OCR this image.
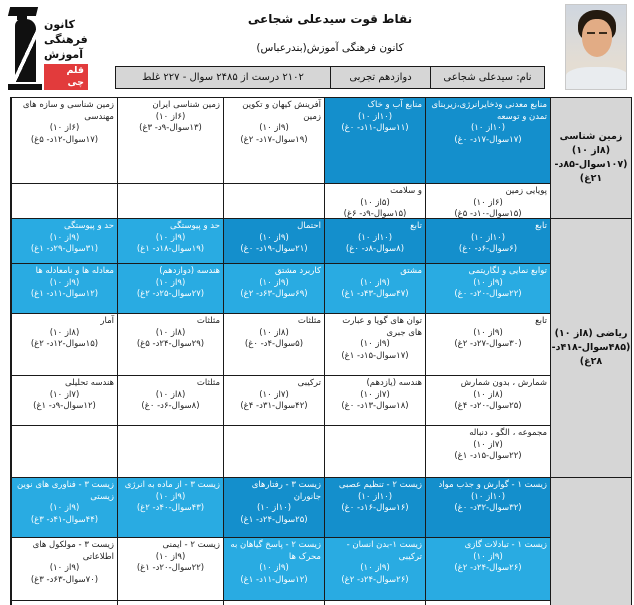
کانون
فرهنگی
آموزش
قلم چی
نقاط قوت سیدعلی شجاعی
کانون فرهنگی آموزش(بندرعباس)
نام: سیدعلی شجاعی
دوازدهم تجربی
۲۱۰۲ درست از ۲۴۸۵ سوال - ۲۲۷ غلط
زمین شناسی (۸از ۱۰)
(۱۰۷سوال-۸۵د- ۲۱غ)
ریاضی (۸از ۱۰)
(۴۸۵سوال-۴۱۸د- ۲۸غ)
منابع معدنی وذخایرانرژی،زیربنای تمدن و توسعه
(۱۰از ۱۰)
(۱۷سوال-۱۷د- ۰غ)
منابع آب و خاک
(۱۰از ۱۰)
(۱۱سوال-۱۱د- ۰غ)
آفرینش کیهان و تکوین زمین
(۹از ۱۰)
(۱۹سوال-۱۷د- ۲غ)
زمین شناسی ایران
(۶از ۱۰)
(۱۳سوال-۹د- ۳غ)
زمین شناسی و سازه های مهندسی
(۶از ۱۰)
(۱۷سوال-۱۲د- ۵غ)
پویایی زمین
(۶از ۱۰)
(۱۵سوال-۱۰د- ۵غ)
و سلامت
(۵از ۱۰)
(۱۵سوال-۹د- ۶غ)
تابع
(۱۰از ۱۰)
(۶سوال-۶د- ۰غ)
تابع
(۱۰از ۱۰)
(۸سوال-۸د- ۰غ)
احتمال
(۹از ۱۰)
(۲۱سوال-۱۹د- ۰غ)
حد و پیوستگی
(۹از ۱۰)
(۱۹سوال-۱۸د- ۱غ)
حد و پیوستگی
(۹از ۱۰)
(۳۱سوال-۲۹د- ۱غ)
توابع نمایی و لگاریتمی
(۹از ۱۰)
(۲۲سوال-۲۰د- ۰غ)
مشتق
(۹از ۱۰)
(۴۷سوال-۴۳د- ۱غ)
کاربرد مشتق
(۹از ۱۰)
(۶۹سوال-۶۳د- ۲غ)
هندسه (دوازدهم)
(۹از ۱۰)
(۲۷سوال-۲۵د- ۲غ)
معادله ها و نامعادله ها
(۹از ۱۰)
(۱۲سوال-۱۱د- ۱غ)
تابع
(۹از ۱۰)
(۳۰سوال-۲۷د- ۲غ)
توان های گویا و عبارت های جبری
(۹از ۱۰)
(۱۷سوال-۱۵د- ۱غ)
مثلثات
(۸از ۱۰)
(۵سوال-۴د- ۰غ)
مثلثات
(۸از ۱۰)
(۲۹سوال-۲۴د- ۵غ)
آمار
(۸از ۱۰)
(۱۵سوال-۱۲د- ۲غ)
شمارش ، بدون شمارش
(۸از ۱۰)
(۲۵سوال-۲۰د- ۴غ)
هندسه (یازدهم)
(۷از ۱۰)
(۱۸سوال-۱۳د- ۰غ)
ترکیبی
(۷از ۱۰)
(۴۲سوال-۳۱د- ۴غ)
مثلثات
(۸از ۱۰)
(۸سوال-۶د- ۰غ)
هندسه تحلیلی
(۷از ۱۰)
(۱۲سوال-۹د- ۱غ)
مجموعه ، الگو ، دنباله
(۷از ۱۰)
(۲۲سوال-۱۵د- ۱غ)
زیست ۱ - گوارش و جذب مواد
(۱۰از ۱۰)
(۳۲سوال-۳۲د- ۰غ)
زیست ۲ - تنظیم عصبی
(۱۰از ۱۰)
(۱۶سوال-۱۶د- ۰غ)
زیست ۳ - رفتارهای جانوران
(۱۰از ۱۰)
(۲۵سوال-۲۴د- ۱غ)
زیست ۳ - از ماده به انرژی
(۹از ۱۰)
(۴۳سوال-۴۰د- ۲غ)
زیست ۳ - فناوری های نوین زیستی
(۹از ۱۰)
(۴۴سوال-۴۱د- ۳غ)
زیست ۱ - تبادلات گازی
(۹از ۱۰)
(۲۶سوال-۲۴د- ۲غ)
زیست ۱-بدن انسان - ترکیبی
(۹از ۱۰)
(۲۶سوال-۲۴د- ۲غ)
زیست ۲ - پاسخ گیاهان به محرک ها
(۹از ۱۰)
(۱۲سوال-۱۱د- ۱غ)
زیست ۲ - ایمنی
(۹از ۱۰)
(۲۲سوال-۲۰د- ۱غ)
زیست ۳ - مولکول های اطلاعاتی
(۹از ۱۰)
(۷۰سوال-۶۳د- ۳غ)
